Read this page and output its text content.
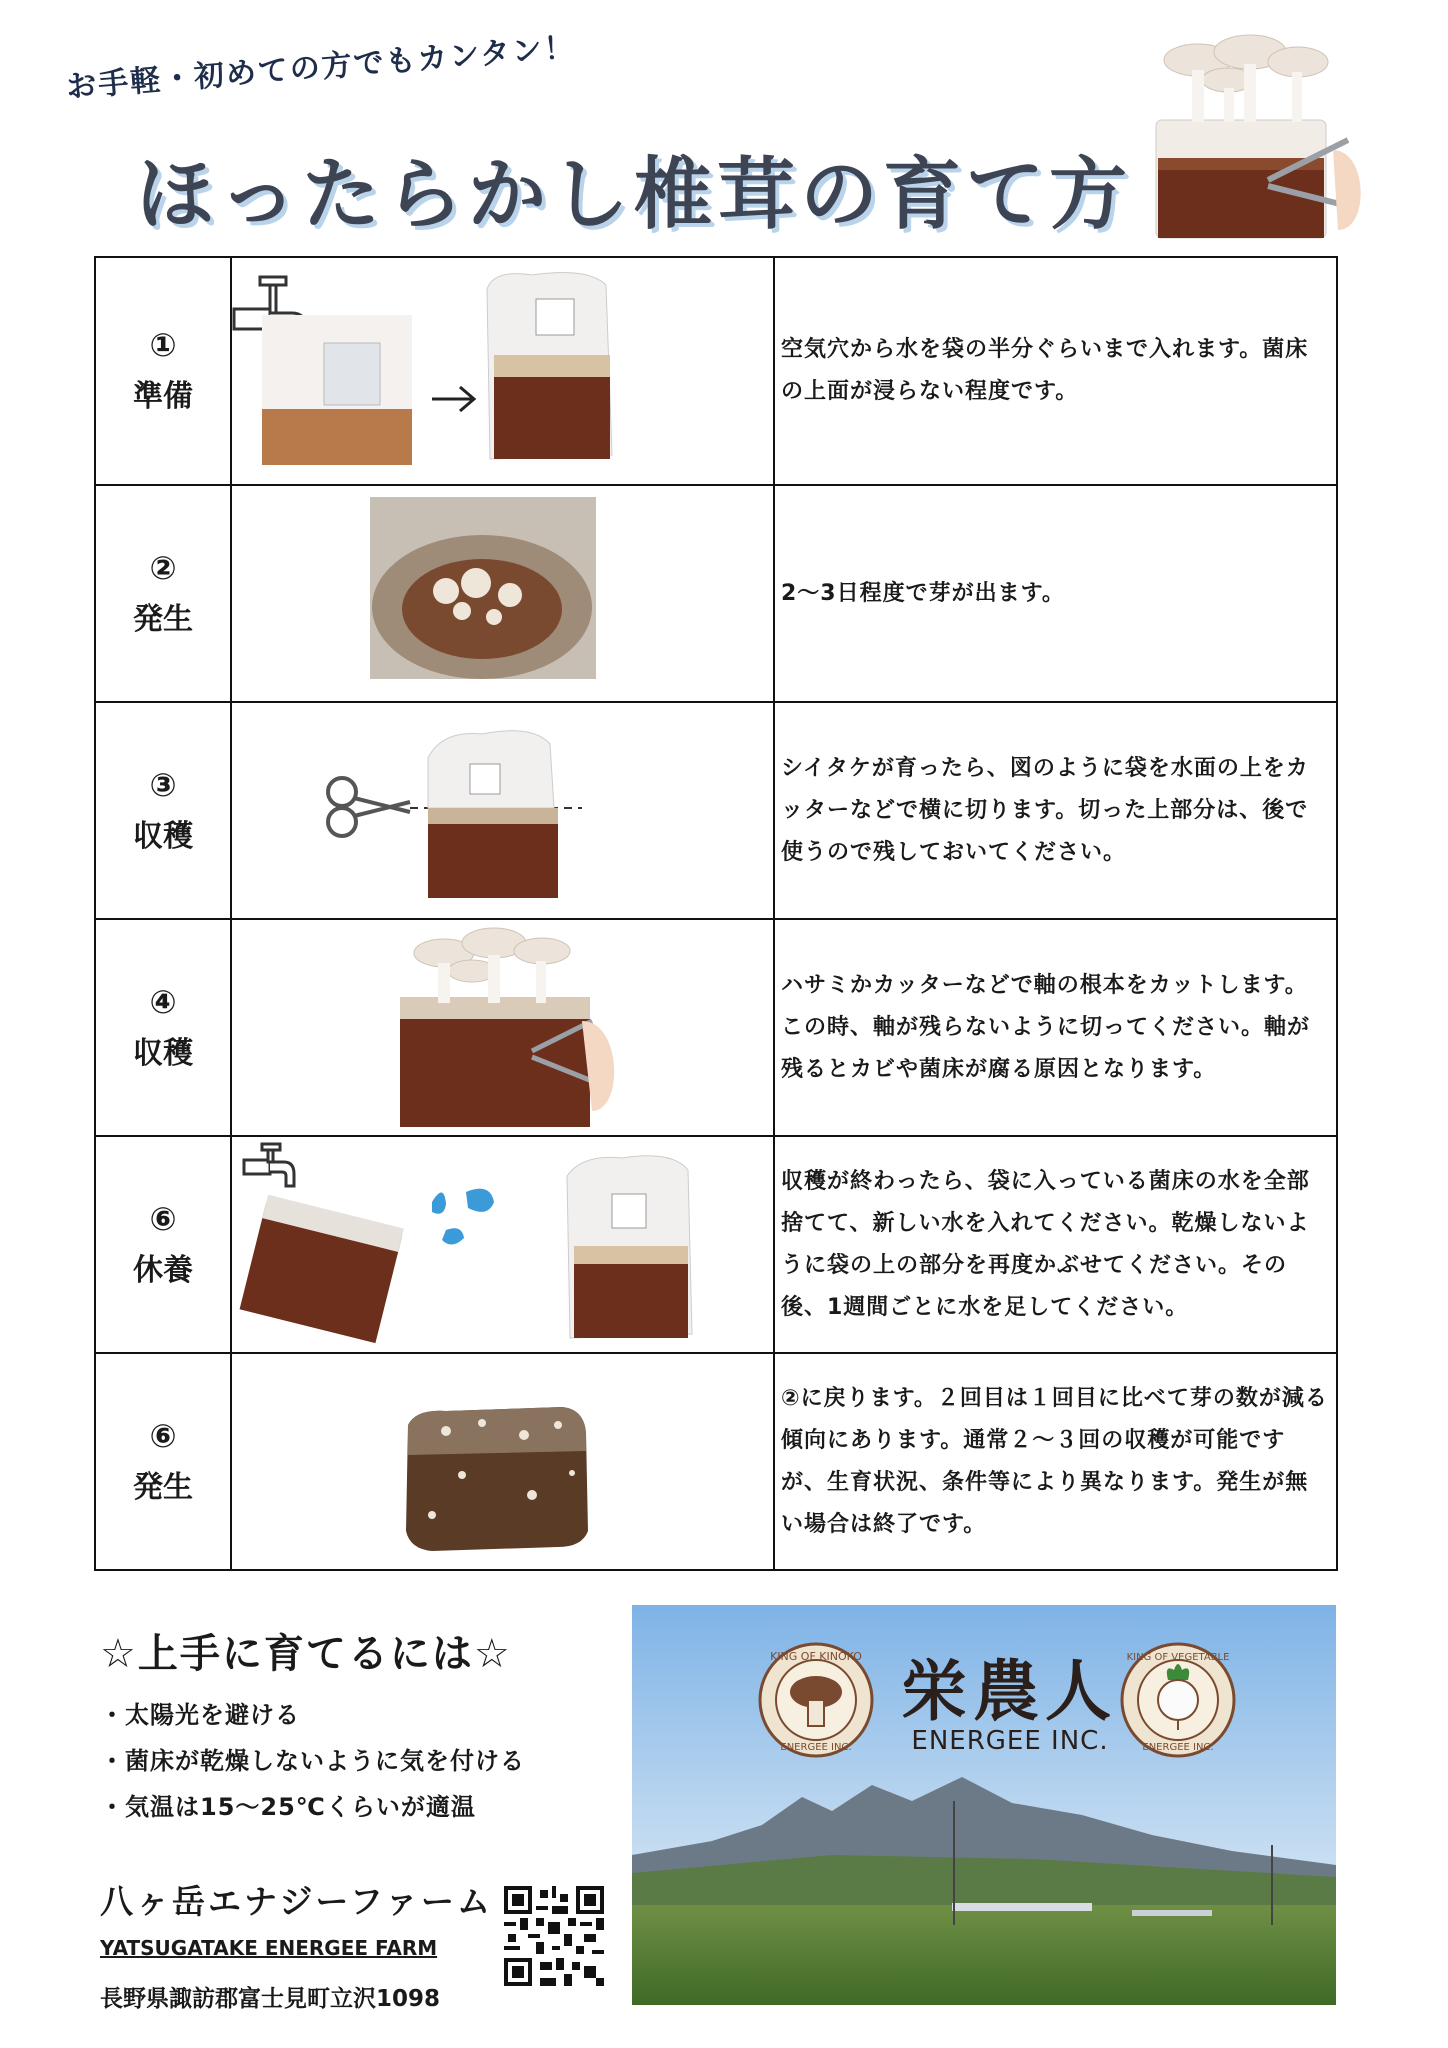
お手軽・初めての方でもカンタン！
ほったらかし椎茸の育て方
①
準備		空気穴から水を袋の半分ぐらいまで入れます。菌床の上面が浸らない程度です。

②
発生		2〜3日程度で芽が出ます。

③
収穫		シイタケが育ったら、図のように袋を水面の上をカッターなどで横に切ります。切った上部分は、後で使うので残しておいてください。

④
収穫		ハサミかカッターなどで軸の根本をカットします。この時、軸が残らないように切ってください。軸が残るとカビや菌床が腐る原因となります。

⑥
休養		収穫が終わったら、袋に入っている菌床の水を全部捨てて、新しい水を入れてください。乾燥しないように袋の上の部分を再度かぶせてください。その後、1週間ごとに水を足してください。

⑥
発生		②に戻ります。２回目は１回目に比べて芽の数が減る傾向にあります。通常２～３回の収穫が可能ですが、生育状況、条件等により異なります。発生が無い場合は終了です。

☆上手に育てるには☆
・太陽光を避ける
・菌床が乾燥しないように気を付ける
・気温は15〜25℃くらいが適温
八ヶ岳エナジーファーム
YATSUGATAKE ENERGEE FARM
長野県諏訪郡富士見町立沢1098
KING OF KINOKO
ENERGEE INC.
栄農人
ENERGEE INC.
KING OF VEGETABLE
ENERGEE INC.
